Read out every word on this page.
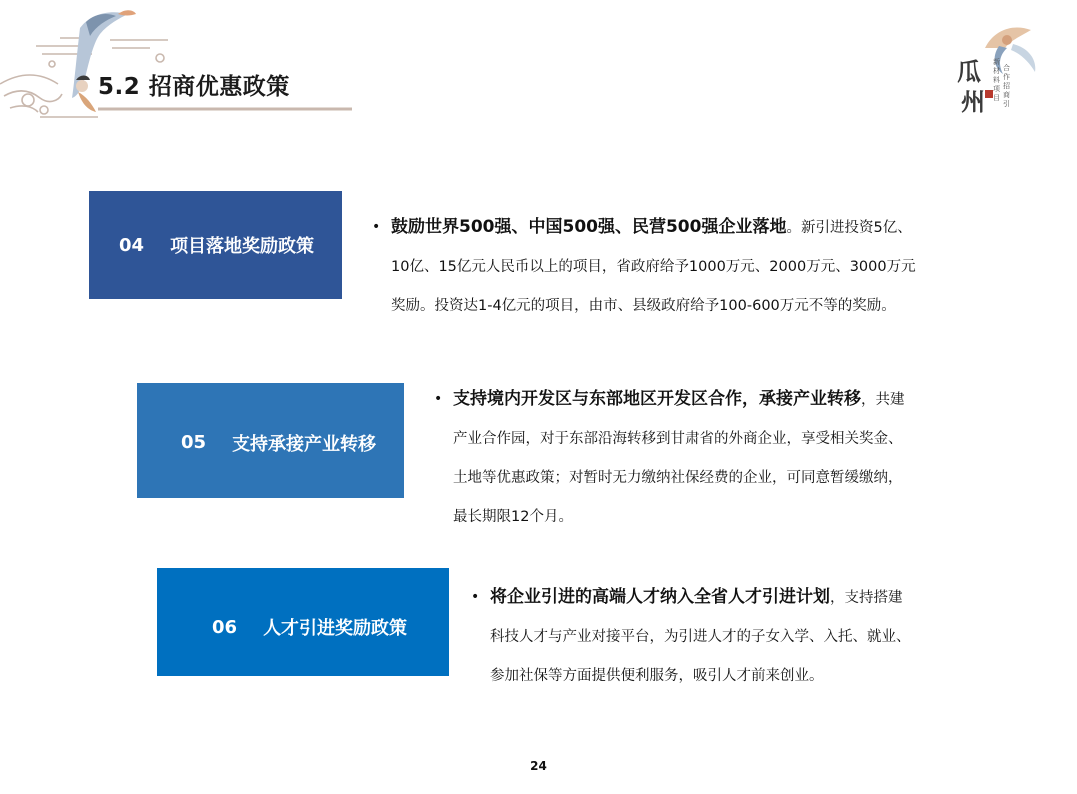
5.2 招商优惠政策
瓜
州
新
材
料
项
目
合
作
招
商
引
04 项目落地奖励政策
• 鼓励世界500强、中国500强、民营500强企业落地。新引进投资5亿、
10亿、15亿元人民币以上的项目，省政府给予1000万元、2000万元、3000万元
奖励。投资达1-4亿元的项目，由市、县级政府给予100-600万元不等的奖励。
05 支持承接产业转移
• 支持境内开发区与东部地区开发区合作，承接产业转移，共建
产业合作园，对于东部沿海转移到甘肃省的外商企业，享受相关奖金、
土地等优惠政策；对暂时无力缴纳社保经费的企业，可同意暂缓缴纳，
最长期限12个月。
06 人才引进奖励政策
• 将企业引进的高端人才纳入全省人才引进计划，支持搭建
科技人才与产业对接平台，为引进人才的子女入学、入托、就业、
参加社保等方面提供便利服务，吸引人才前来创业。
24
